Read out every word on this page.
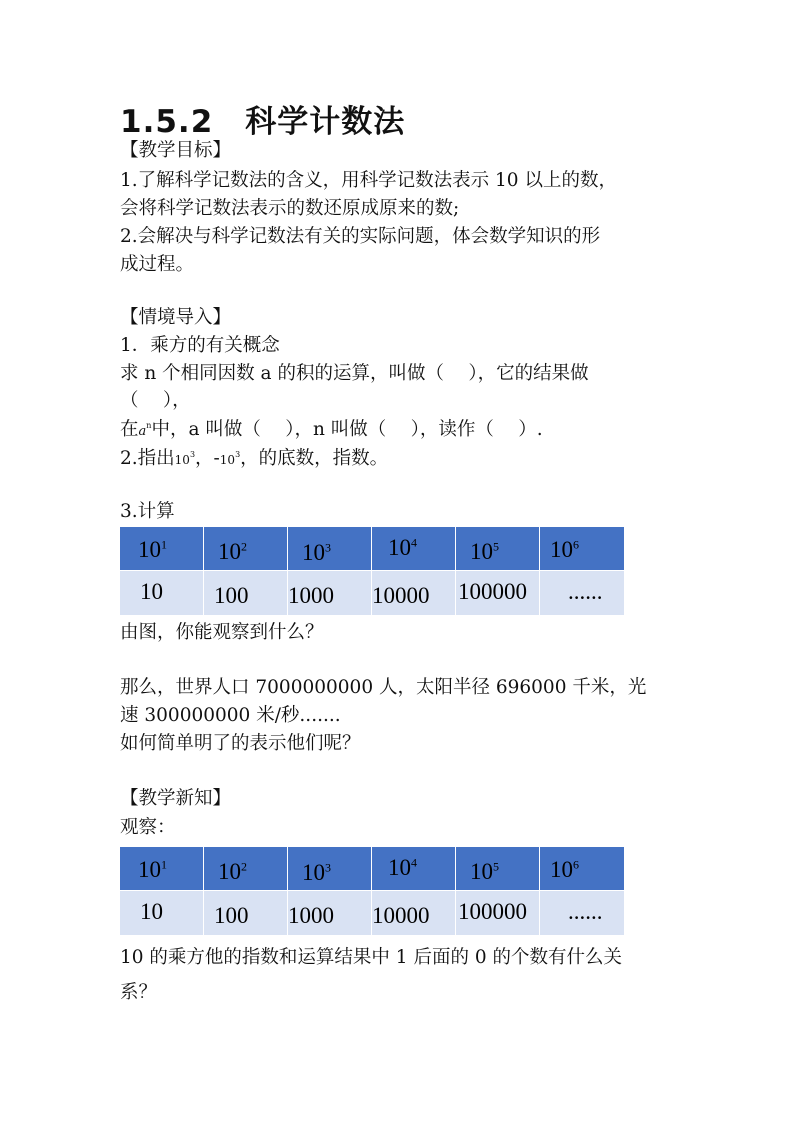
1.5.2　科学计数法
【教学目标】
1.了解科学记数法的含义，用科学记数法表示 10 以上的数，
会将科学记数法表示的数还原成原来的数;
2.会解决与科学记数法有关的实际问题，体会数学知识的形
成过程。
【情境导入】
1．乘方的有关概念
求 n 个相同因数 a 的积的运算，叫做（　 ），它的结果做
（　 ），
在$a^n$中，a 叫做（　 ），n 叫做（　 ），读作（　 ）.
2.指出$10^3$，$-10^3$，的底数，指数。
3.计算
$10^1$ $10^2$ $10^3$ $10^4$ $10^5$ $10^6$
10 100 1000 10000 100000 ......
由图，你能观察到什么？
那么，世界人口 7000000000 人，太阳半径 696000 千米，光
速 300000000 米/秒.......
如何简单明了的表示他们呢？
【教学新知】
观察：
$10^1$ $10^2$ $10^3$ $10^4$ $10^5$ $10^6$
10 100 1000 10000 100000 ......
10 的乘方他的指数和运算结果中 1 后面的 0 的个数有什么关
系？
